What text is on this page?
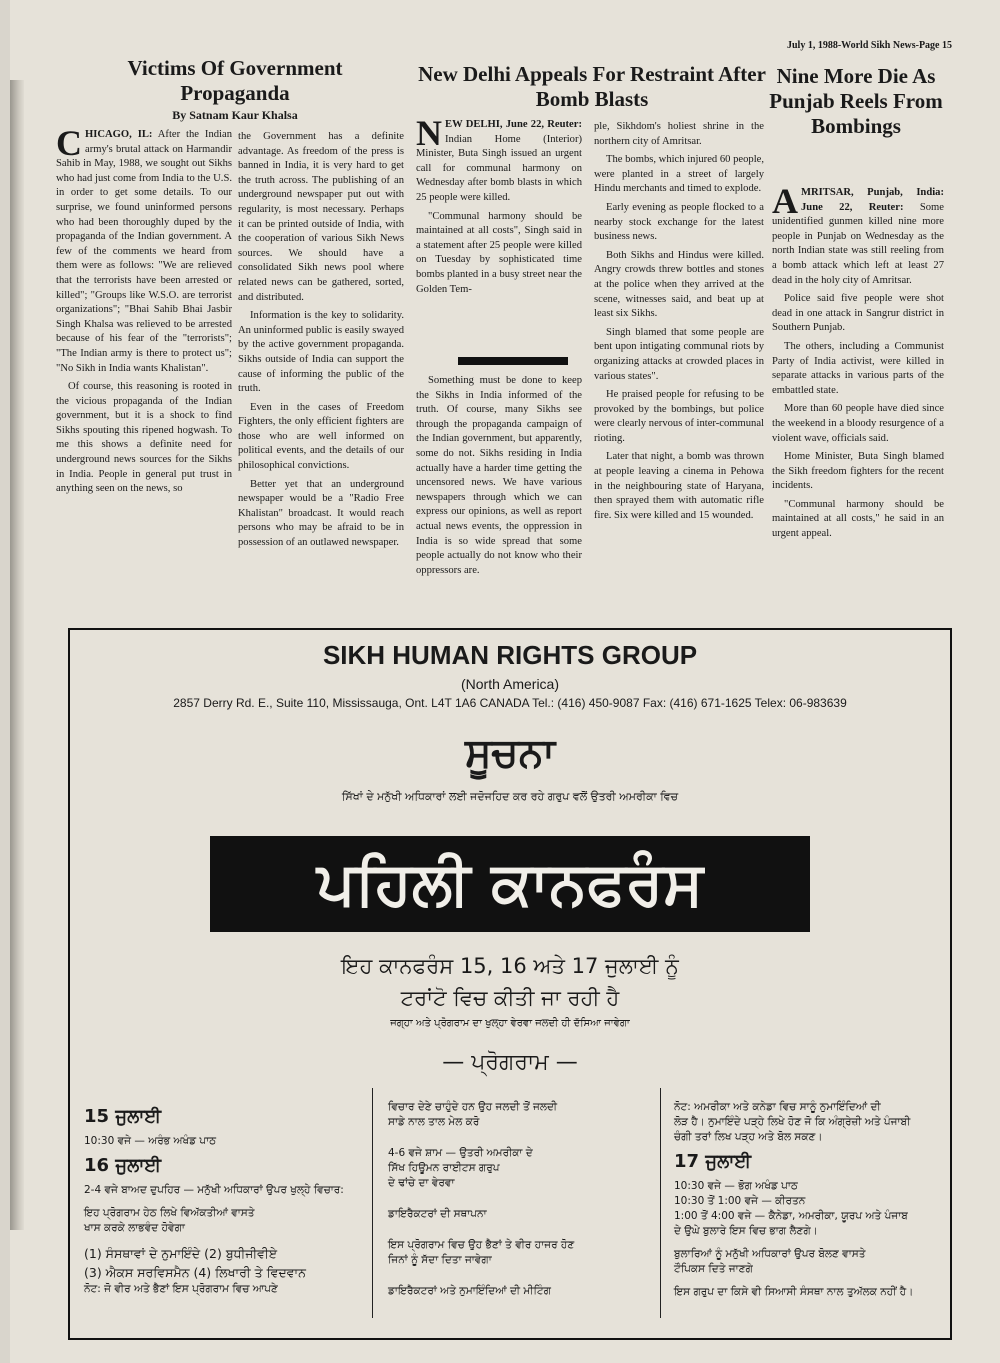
July 1, 1988-World Sikh News-Page 15
Victims Of Government Propaganda
By Satnam Kaur Khalsa

CHICAGO, IL: After the Indian army's brutal attack on Harmandir Sahib in May, 1988, we sought out Sikhs who had just come from India to the U.S. in order to get some details. To our surprise, we found uninformed persons who had been thoroughly duped by the propaganda of the Indian government. A few of the comments we heard from them were as follows: "We are relieved that the terrorists have been arrested or killed"; "Groups like W.S.O. are terrorist organizations"; "Bhai Sahib Bhai Jasbir Singh Khalsa was relieved to be arrested because of his fear of the "terrorists"; "The Indian army is there to protect us"; "No Sikh in India wants Khalistan".

Of course, this reasoning is rooted in the vicious propaganda of the Indian government, but it is a shock to find Sikhs spouting this ripened hogwash. To me this shows a definite need for underground news sources for the Sikhs in India. People in general put trust in anything seen on the news, so

the Government has a definite advantage. As freedom of the press is banned in India, it is very hard to get the truth across. The publishing of an underground newspaper put out with regularity, is most necessary. Perhaps it can be printed outside of India, with the cooperation of various Sikh News sources. We should have a consolidated Sikh news pool where related news can be gathered, sorted, and distributed.

Information is the key to solidarity. An uninformed public is easily swayed by the active government propaganda. Sikhs outside of India can support the cause of informing the public of the truth.

Even in the cases of Freedom Fighters, the only efficient fighters are those who are well informed on political events, and the details of our philosophical convictions.

Better yet that an underground newspaper would be a "Radio Free Khalistan" broadcast. It would reach persons who may be afraid to be in possession of an outlawed newspaper.

New Delhi Appeals For Restraint After Bomb Blasts

NEW DELHI, June 22, Reuter: Indian Home (Interior) Minister, Buta Singh issued an urgent call for communal harmony on Wednesday after bomb blasts in which 25 people were killed.

"Communal harmony should be maintained at all costs", Singh said in a statement after 25 people were killed on Tuesday by sophisticated time bombs planted in a busy street near the Golden Tem-

Something must be done to keep the Sikhs in India informed of the truth. Of course, many Sikhs see through the propaganda campaign of the Indian government, but apparently, some do not. Sikhs residing in India actually have a harder time getting the uncensored news. We have various newspapers through which we can express our opinions, as well as report actual news events, the oppression in India is so wide spread that some people actually do not know who their oppressors are.

ple, Sikhdom's holiest shrine in the northern city of Amritsar.

The bombs, which injured 60 people, were planted in a street of largely Hindu merchants and timed to explode.

Early evening as people flocked to a nearby stock exchange for the latest business news.

Both Sikhs and Hindus were killed. Angry crowds threw bottles and stones at the police when they arrived at the scene, witnesses said, and beat up at least six Sikhs.

Singh blamed that some people are bent upon intigating communal riots by organizing attacks at crowded places in various states".

He praised people for refusing to be provoked by the bombings, but police were clearly nervous of inter-communal rioting.

Later that night, a bomb was thrown at people leaving a cinema in Pehowa in the neighbouring state of Haryana, then sprayed them with automatic rifle fire. Six were killed and 15 wounded.

Nine More Die As Punjab Reels From Bombings

AMRITSAR, Punjab, India: June 22, Reuter: Some unidentified gunmen killed nine more people in Punjab on Wednesday as the north Indian state was still reeling from a bomb attack which left at least 27 dead in the holy city of Amritsar.

Police said five people were shot dead in one attack in Sangrur district in Southern Punjab.

The others, including a Communist Party of India activist, were killed in separate attacks in various parts of the embattled state.

More than 60 people have died since the weekend in a bloody resurgence of a violent wave, officials said.

Home Minister, Buta Singh blamed the Sikh freedom fighters for the recent incidents.

"Communal harmony should be maintained at all costs," he said in an urgent appeal.

SIKH HUMAN RIGHTS GROUP
(North America)
2857 Derry Rd. E., Suite 110, Mississauga, Ont. L4T 1A6 CANADA Tel.: (416) 450-9087 Fax: (416) 671-1625 Telex: 06-983639
ਸੂਚਨਾ
ਸਿੱਖਾਂ ਦੇ ਮਨੁੱਖੀ ਅਧਿਕਾਰਾਂ ਲਈ ਜਦੋਜਹਿਦ ਕਰ ਰਹੇ ਗਰੁਪ ਵਲੋਂ ਉਤਰੀ ਅਮਰੀਕਾ ਵਿਚ
ਪਹਿਲੀ ਕਾਨਫਰੰਸ
ਇਹ ਕਾਨਫਰੰਸ 15, 16 ਅਤੇ 17 ਜੁਲਾਈ ਨੂੰ
ਟਰਾਂਟੋ ਵਿਚ ਕੀਤੀ ਜਾ ਰਹੀ ਹੈ
ਜਗ੍ਹਾ ਅਤੇ ਪ੍ਰੋਗਰਾਮ ਦਾ ਖੁਲ੍ਹਾ ਵੇਰਵਾ ਜਲਦੀ ਹੀ ਦੱਸਿਆ ਜਾਵੇਗਾ
— ਪ੍ਰੋਗਰਾਮ —
15 ਜੁਲਾਈ
10:30 ਵਜੇ — ਅਰੰਭ ਅਖੰਡ ਪਾਠ
16 ਜੁਲਾਈ
2-4 ਵਜੇ ਬਾਅਦ ਦੁਪਹਿਰ — ਮਨੁੱਖੀ ਅਧਿਕਾਰਾਂ ਉਪਰ ਖੁਲ੍ਹੇ ਵਿਚਾਰ:
ਇਹ ਪ੍ਰੋਗਰਾਮ ਹੇਠ ਲਿਖੇ ਵਿਅੱਕਤੀਆਂ ਵਾਸਤੇ
ਖਾਸ ਕਰਕੇ ਲਾਭਵੰਦ ਹੋਵੇਗਾ
(1) ਸੰਸਥਾਵਾਂ ਦੇ ਨੁਮਾਇੰਦੇ (2) ਬੁਧੀਜੀਵੀਏ
(3) ਐਕਸ ਸਰਵਿਸਮੈਨ (4) ਲਿਖਾਰੀ ਤੇ ਵਿਦਵਾਨ
ਨੋਟ: ਜੋ ਵੀਰ ਅਤੇ ਭੈਣਾਂ ਇਸ ਪ੍ਰੋਗਰਾਮ ਵਿਚ ਆਪਣੇ
ਵਿਚਾਰ ਦੇਣੇ ਚਾਹੁੰਦੇ ਹਨ ਉਹ ਜਲਦੀ ਤੋਂ ਜਲਦੀ
ਸਾਡੇ ਨਾਲ ਤਾਲ ਮੇਲ ਕਰੋ
4-6 ਵਜੇ ਸ਼ਾਮ — ਉਤਰੀ ਅਮਰੀਕਾ ਦੇ
ਸਿੱਖ ਹਿਊਮਨ ਰਾਈਟਸ ਗਰੁਪ
ਦੇ ਢਾਂਚੇ ਦਾ ਵੇਰਵਾ
ਡਾਇਰੈਕਟਰਾਂ ਦੀ ਸਥਾਪਨਾ
ਇਸ ਪ੍ਰੋਗਰਾਮ ਵਿਚ ਉਹ ਭੈਣਾਂ ਤੇ ਵੀਰ ਹਾਜਰ ਹੋਣ
ਜਿਨਾਂ ਨੂੰ ਸੱਦਾ ਦਿਤਾ ਜਾਵੇਗਾ
ਡਾਇਰੈਕਟਰਾਂ ਅਤੇ ਨੁਮਾਇੰਦਿਆਂ ਦੀ ਮੀਟਿੰਗ
ਨੋਟ: ਅਮਰੀਕਾ ਅਤੇ ਕਨੇਡਾ ਵਿਚ ਸਾਨੂੰ ਨੁਮਾਇੰਦਿਆਂ ਦੀ
ਲੋੜ ਹੈ। ਨੁਮਾਇੰਦੇ ਪੜ੍ਹੇ ਲਿਖੇ ਹੋਣ ਜੋ ਕਿ ਅੰਗ੍ਰੇਜ਼ੀ ਅਤੇ ਪੰਜਾਬੀ
ਚੰਗੀ ਤਰਾਂ ਲਿਖ ਪੜ੍ਹ ਅਤੇ ਬੋਲ ਸਕਣ।
17 ਜੁਲਾਈ
10:30 ਵਜੇ — ਭੋਗ ਅਖੰਡ ਪਾਠ
10:30 ਤੋਂ 1:00 ਵਜੇ — ਕੀਰਤਨ
1:00 ਤੋਂ 4:00 ਵਜੇ — ਕੈਨੇਡਾ, ਅਮਰੀਕਾ, ਯੂਰਪ ਅਤੇ ਪੰਜਾਬ
ਦੇ ਉਘੇ ਬੁਲਾਰੇ ਇਸ ਵਿਚ ਭਾਗ ਲੈਣਗੇ।
ਬੁਲਾਰਿਆਂ ਨੂੰ ਮਨੁੱਖੀ ਅਧਿਕਾਰਾਂ ਉਪਰ ਬੋਲਣ ਵਾਸਤੇ
ਟੌਪਿਕਸ ਦਿਤੇ ਜਾਣਗੇ
ਇਸ ਗਰੁਪ ਦਾ ਕਿਸੇ ਵੀ ਸਿਆਸੀ ਸੰਸਥਾ ਨਾਲ ਤੁਅੱਲਕ ਨਹੀਂ ਹੈ।
